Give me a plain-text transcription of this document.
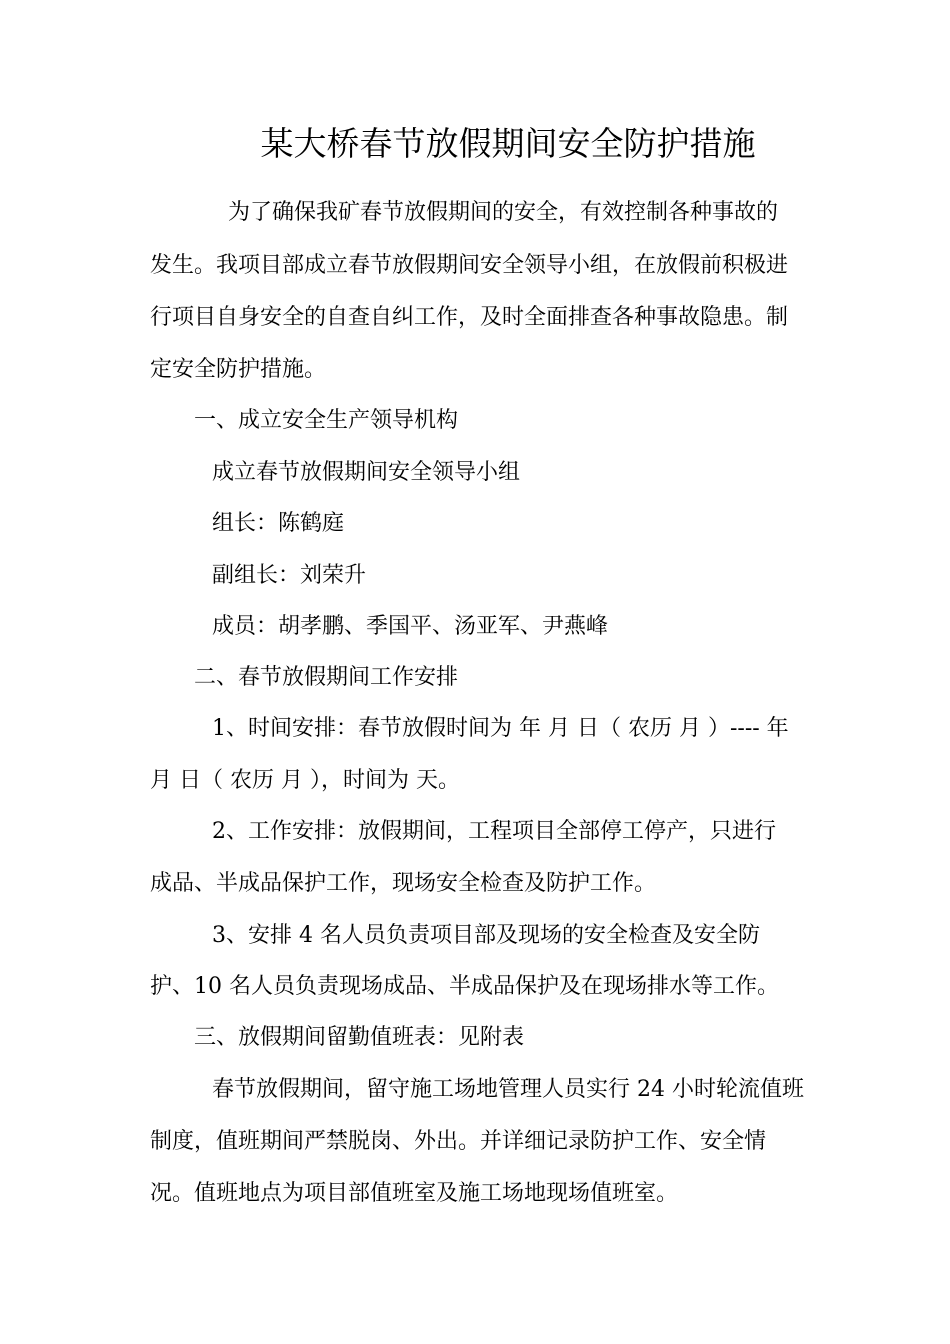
某大桥春节放假期间安全防护措施
为了确保我矿春节放假期间的安全，有效控制各种事故的
发生。我项目部成立春节放假期间安全领导小组，在放假前积极进
行项目自身安全的自查自纠工作，及时全面排查各种事故隐患。制
定安全防护措施。
一、成立安全生产领导机构
成立春节放假期间安全领导小组
组长：陈鹤庭
副组长：刘荣升
成员：胡孝鹏、季国平、汤亚军、尹燕峰
二、春节放假期间工作安排
1、时间安排：春节放假时间为 年 月 日（ 农历 月 ）---- 年
月 日（ 农历 月 ），时间为 天。
2、工作安排：放假期间，工程项目全部停工停产，只进行
成品、半成品保护工作，现场安全检查及防护工作。
3、安排 4 名人员负责项目部及现场的安全检查及安全防
护、10 名人员负责现场成品、半成品保护及在现场排水等工作。
三、放假期间留勤值班表：见附表
春节放假期间，留守施工场地管理人员实行 24 小时轮流值班
制度，值班期间严禁脱岗、外出。并详细记录防护工作、安全情
况。值班地点为项目部值班室及施工场地现场值班室。
